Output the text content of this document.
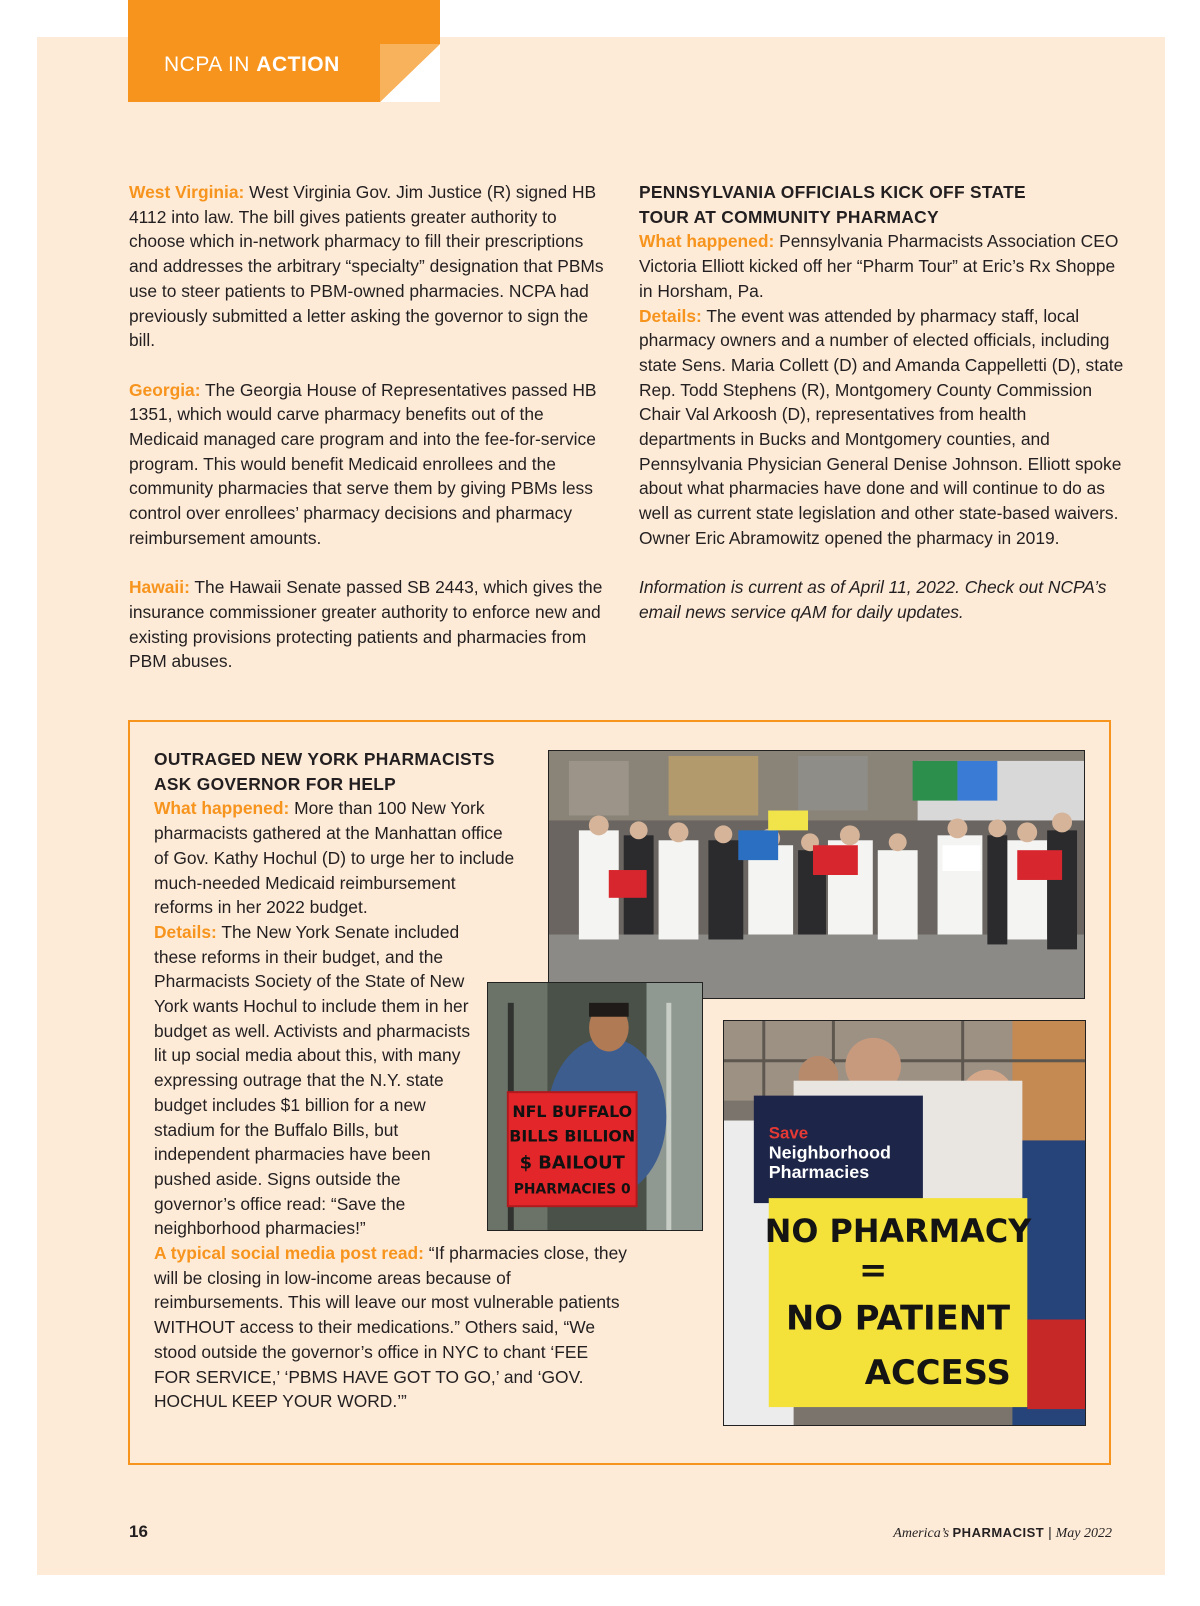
NCPA IN ACTION

West Virginia: West Virginia Gov. Jim Justice (R) signed HB 4112 into law. The bill gives patients greater authority to choose which in-network pharmacy to fill their prescriptions and addresses the arbitrary “specialty” designation that PBMs use to steer patients to PBM-owned pharmacies. NCPA had previously submitted a letter asking the governor to sign the bill.

Georgia: The Georgia House of Representatives passed HB 1351, which would carve pharmacy benefits out of the Medicaid managed care program and into the fee-for-service program. This would benefit Medicaid enrollees and the community pharmacies that serve them by giving PBMs less control over enrollees’ pharmacy decisions and pharmacy reimbursement amounts.

Hawaii: The Hawaii Senate passed SB 2443, which gives the insurance commissioner greater authority to enforce new and existing provisions protecting patients and pharmacies from PBM abuses.

PENNSYLVANIA OFFICIALS KICK OFF STATE

TOUR AT COMMUNITY PHARMACY

What happened: Pennsylvania Pharmacists Association CEO Victoria Elliott kicked off her “Pharm Tour” at Eric’s Rx Shoppe in Horsham, Pa.

Details: The event was attended by pharmacy staff, local pharmacy owners and a number of elected officials, including state Sens. Maria Collett (D) and Amanda Cappelletti (D), state Rep. Todd Stephens (R), Montgomery County Commission Chair Val Arkoosh (D), representatives from health departments in Bucks and Montgomery counties, and Pennsylvania Physician General Denise Johnson. Elliott spoke about what pharmacies have done and will continue to do as well as current state legislation and other state-based waivers. Owner Eric Abramowitz opened the pharmacy in 2019.

Information is current as of April 11, 2022. Check out NCPA’s email news service qAM for daily updates.

OUTRAGED NEW YORK PHARMACISTS

ASK GOVERNOR FOR HELP

What happened: More than 100 New York pharmacists gathered at the Manhattan office of Gov. Kathy Hochul (D) to urge her to include much-needed Medicaid reimbursement reforms in her 2022 budget.

Details: The New York Senate included these reforms in their budget, and the Pharmacists Society of the State of New York wants Hochul to include them in her budget as well. Activists and pharmacists lit up social media about this, with many expressing outrage that the N.Y. state budget includes $1 billion for a new stadium for the Buffalo Bills, but independent pharmacies have been pushed aside. Signs outside the governor’s office read: “Save the neighborhood pharmacies!”

A typical social media post read: “If pharmacies close, they will be closing in low-income areas because of reimbursements. This will leave our most vulnerable patients WITHOUT access to their medications.” Others said, “We stood outside the governor’s office in NYC to chant ‘FEE FOR SERVICE,’ ‘PBMS HAVE GOT TO GO,’ and ‘GOV. HOCHUL KEEP YOUR WORD.’”

NFL BUFFALO
BILLS BILLION
$ BAILOUT
PHARMACIES 0
Save
Neighborhood
Pharmacies
NO PHARMACY
=
NO PATIENT
ACCESS
16	America’s PHARMACIST | May 2022
